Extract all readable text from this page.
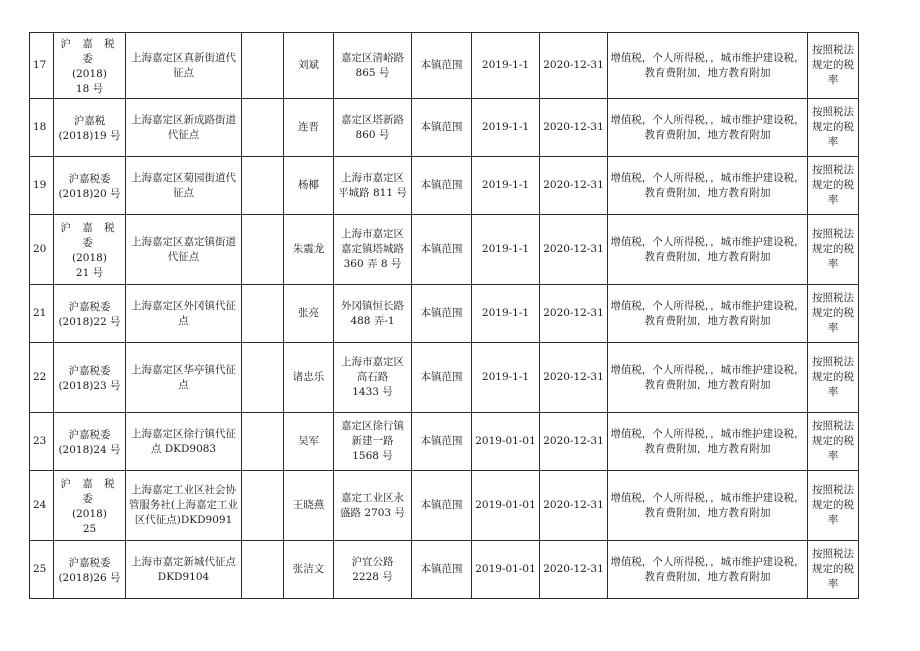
17	沪 嘉 税 委
(2018)
18 号	上海嘉定区真新街道代
征点		刘斌	嘉定区清峪路
865 号	本镇范围	2019-1-1	2020-12-31	增值税，个人所得税，，城市维护建设税，教育费附加，地方教育附加	按照税法规定的税率
18	沪嘉税
(2018)19 号	上海嘉定区新成路街道
代征点		连晋	嘉定区塔新路
860 号	本镇范围	2019-1-1	2020-12-31	增值税，个人所得税，，城市维护建设税，教育费附加，地方教育附加	按照税法规定的税率
19	沪嘉税委
(2018)20 号	上海嘉定区菊园街道代
征点		杨椰	上海市嘉定区
平城路 811 号	本镇范围	2019-1-1	2020-12-31	增值税，个人所得税，，城市维护建设税，教育费附加，地方教育附加	按照税法规定的税率
20	沪 嘉 税 委
(2018)
21 号	上海嘉定区嘉定镇街道
代征点		朱震龙	上海市嘉定区
嘉定镇塔城路
360 弄 8 号	本镇范围	2019-1-1	2020-12-31	增值税，个人所得税，，城市维护建设税，教育费附加，地方教育附加	按照税法规定的税率
21	沪嘉税委
(2018)22 号	上海嘉定区外冈镇代征
点		张亮	外冈镇恒长路
488 弄-1	本镇范围	2019-1-1	2020-12-31	增值税，个人所得税，，城市维护建设税，教育费附加，地方教育附加	按照税法规定的税率
22	沪嘉税委
(2018)23 号	上海嘉定区华亭镇代征
点		诸忠乐	上海市嘉定区
高石路
1433 号	本镇范围	2019-1-1	2020-12-31	增值税，个人所得税，，城市维护建设税，教育费附加，地方教育附加	按照税法规定的税率
23	沪嘉税委
(2018)24 号	上海嘉定区徐行镇代征
点 DKD9083		吴军	嘉定区徐行镇
新建一路
1568 号	本镇范围	2019-01-01	2020-12-31	增值税，个人所得税，，城市维护建设税，教育费附加，地方教育附加	按照税法规定的税率
24	沪 嘉 税 委
(2018)
25	上海嘉定工业区社会协
管服务社(上海嘉定工业
区代征点)DKD9091		王晓燕	嘉定工业区永
盛路 2703 号	本镇范围	2019-01-01	2020-12-31	增值税，个人所得税，，城市维护建设税，教育费附加，地方教育附加	按照税法规定的税率
25	沪嘉税委
(2018)26 号	上海市嘉定新城代征点
DKD9104		张洁文	沪宜公路
2228 号	本镇范围	2019-01-01	2020-12-31	增值税，个人所得税，，城市维护建设税，教育费附加，地方教育附加	按照税法规定的税率
